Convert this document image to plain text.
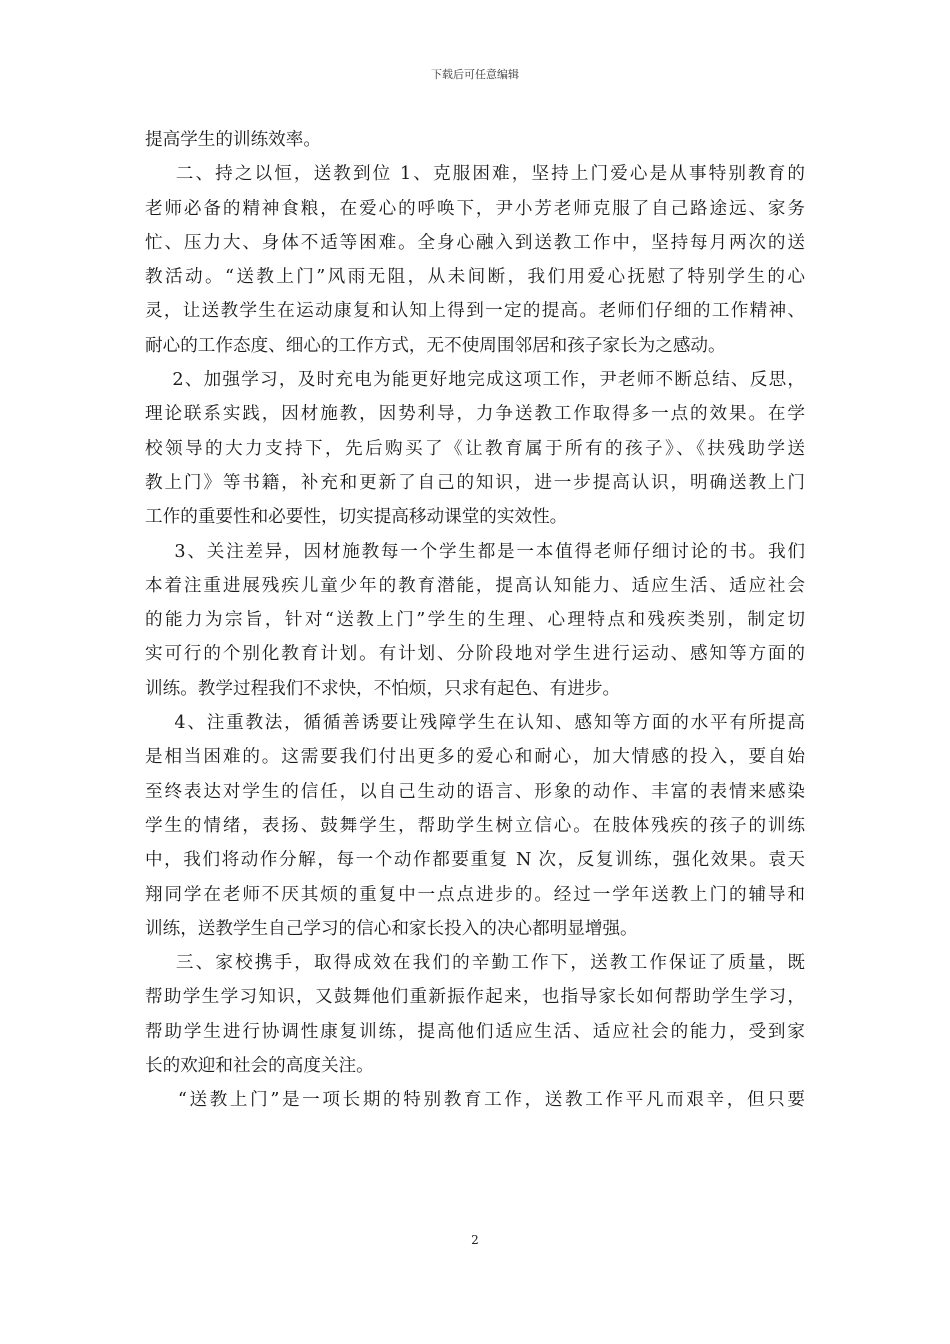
下载后可任意编辑
提高学生的训练效率。
二、持之以恒，送教到位 1、克服困难，坚持上门爱心是从事特别教育的
老师必备的精神食粮，在爱心的呼唤下，尹小芳老师克服了自己路途远、家务
忙、压力大、身体不适等困难。全身心融入到送教工作中，坚持每月两次的送
教活动。“送教上门”风雨无阻，从未间断，我们用爱心抚慰了特别学生的心
灵，让送教学生在运动康复和认知上得到一定的提高。老师们仔细的工作精神、
耐心的工作态度、细心的工作方式，无不使周围邻居和孩子家长为之感动。
2、加强学习，及时充电为能更好地完成这项工作，尹老师不断总结、反思，
理论联系实践，因材施教，因势利导，力争送教工作取得多一点的效果。在学
校领导的大力支持下，先后购买了《让教育属于所有的孩子》、《扶残助学送
教上门》等书籍，补充和更新了自己的知识，进一步提高认识，明确送教上门
工作的重要性和必要性，切实提高移动课堂的实效性。
3、关注差异，因材施教每一个学生都是一本值得老师仔细讨论的书。我们
本着注重进展残疾儿童少年的教育潜能，提高认知能力、适应生活、适应社会
的能力为宗旨，针对“送教上门”学生的生理、心理特点和残疾类别，制定切
实可行的个别化教育计划。有计划、分阶段地对学生进行运动、感知等方面的
训练。教学过程我们不求快，不怕烦，只求有起色、有进步。
4、注重教法，循循善诱要让残障学生在认知、感知等方面的水平有所提高
是相当困难的。这需要我们付出更多的爱心和耐心，加大情感的投入，要自始
至终表达对学生的信任，以自己生动的语言、形象的动作、丰富的表情来感染
学生的情绪，表扬、鼓舞学生，帮助学生树立信心。在肢体残疾的孩子的训练
中，我们将动作分解，每一个动作都要重复 N 次，反复训练，强化效果。袁天
翔同学在老师不厌其烦的重复中一点点进步的。经过一学年送教上门的辅导和
训练，送教学生自己学习的信心和家长投入的决心都明显增强。
三、家校携手，取得成效在我们的辛勤工作下，送教工作保证了质量，既
帮助学生学习知识，又鼓舞他们重新振作起来，也指导家长如何帮助学生学习，
帮助学生进行协调性康复训练，提高他们适应生活、适应社会的能力，受到家
长的欢迎和社会的高度关注。
“送教上门”是一项长期的特别教育工作，送教工作平凡而艰辛，但只要
2
